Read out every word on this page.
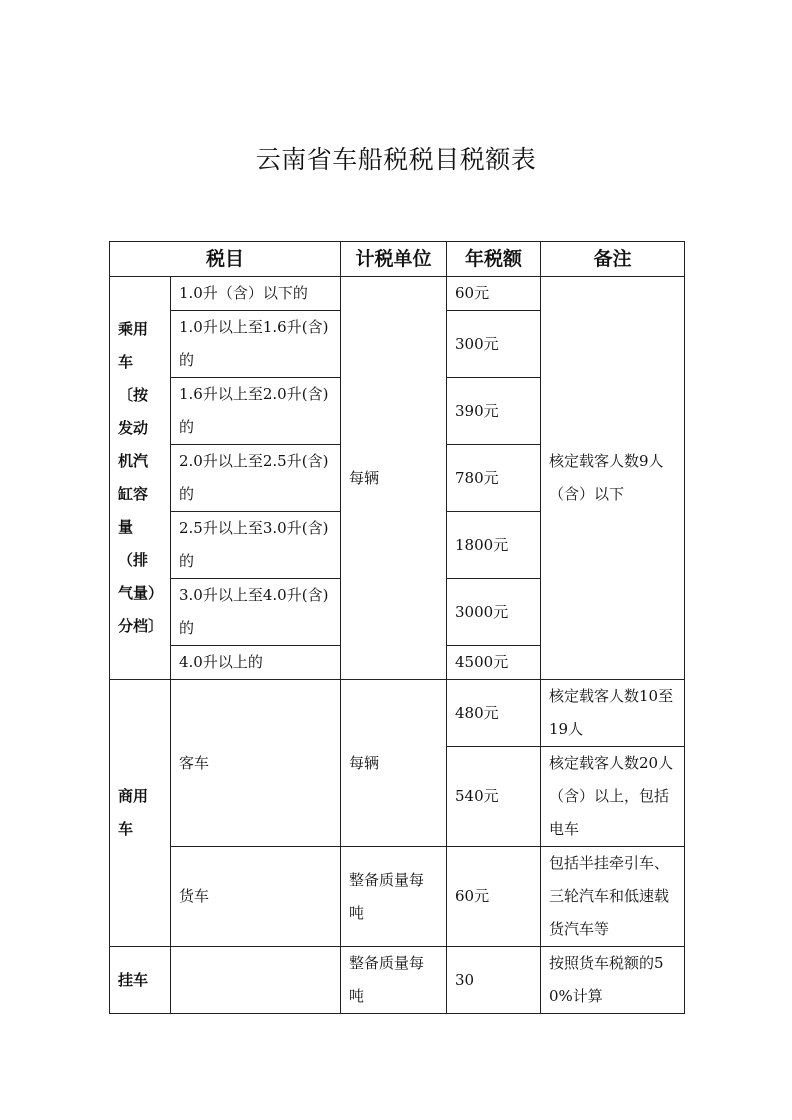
云南省车船税税目税额表
税目		计税单位	年税额	备注
乘用车〔按发动机汽缸容量（排气量）分档〕	1.0升（含）以下的	每辆	60元	核定载客人数9人（含）以下
	1.0升以上至1.6升(含)的		300元	
	1.6升以上至2.0升(含)的		390元	
	2.0升以上至2.5升(含)的		780元	
	2.5升以上至3.0升(含)的		1800元	
	3.0升以上至4.0升(含)的		3000元	
	4.0升以上的		4500元	
商用车	客车	每辆	480元	核定载客人数10至19人
			540元	核定载客人数20人（含）以上，包括电车
	货车	整备质量每吨	60元	包括半挂牵引车、三轮汽车和低速载货汽车等
挂车		整备质量每吨	30	按照货车税额的50%计算
